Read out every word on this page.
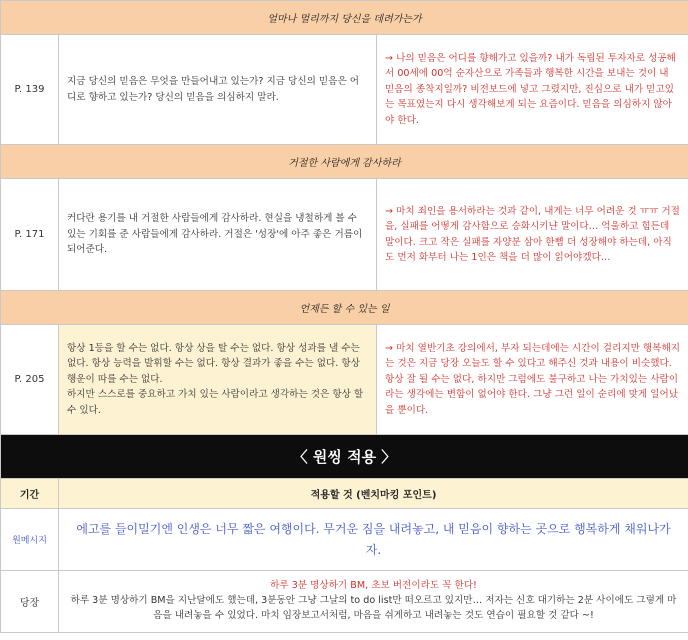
얼마나 멀리까지 당신을 데려가는가		
P. 139	지금 당신의 믿음은 무엇을 만들어내고 있는가? 지금 당신의 믿음은 어디로 향하고 있는가? 당신의 믿음을 의심하지 말라.	→ 나의 믿음은 어디를 향해가고 있을까? 내가 독립된 투자자로 성공해서 00세에 00억 순자산으로 가족들과 행복한 시간을 보내는 것이 내 믿음의 종착지일까? 비전보드에 넣고 그렸지만, 진심으로 내가 믿고있는 목표였는지 다시 생각해보게 되는 요즘이다. 믿음을 의심하지 않아야 한다.
거절한 사람에게 감사하라		
P. 171	커다란 용기를 내 거절한 사람들에게 감사하라. 현실을 냉철하게 볼 수 있는 기회를 준 사람들에게 감사하라. 거절은 '성장'에 아주 좋은 거름이 되어준다.	→ 마치 죄인을 용서하라는 것과 같이, 내게는 너무 어려운 것 ㅠㅠ 거절을, 실패를 어떻게 감사함으로 승화시키냔 말이다… 억울하고 힘든데 말이다. 크고 작은 실패를 자양분 삼아 한뼘 더 성장해야 하는데, 아직도 먼저 화부터 나는 1인은 책을 더 많이 읽어야겠다…
언제든 할 수 있는 일		
P. 205	항상 1등을 할 수는 없다. 항상 상을 탈 수는 없다. 항상 성과를 낼 수는 없다. 항상 능력을 발휘할 수는 없다. 항상 결과가 좋을 수는 없다. 항상 행운이 따를 수는 없다.
하지만 스스로를 중요하고 가치 있는 사람이라고 생각하는 것은 항상 할 수 있다.	→ 마치 열반기초 강의에서, 부자 되는데에는 시간이 걸리지만 행복해지는 것은 지금 당장 오늘도 할 수 있다고 해주신 것과 내용이 비슷했다. 항상 잘 될 수는 없다, 하지만 그럼에도 불구하고 나는 가치있는 사람이라는 생각에는 변함이 없어야 한다. 그냥 그런 일이 순리에 맞게 일어났을 뿐이다.
〈 원씽 적용 〉		
기간	적용할 것 (벤치마킹 포인트)	
원메시지	에고를 들이밀기엔 인생은 너무 짧은 여행이다. 무거운 짐을 내려놓고, 내 믿음이 향하는 곳으로 행복하게 채워나가자.	
당장	하루 3분 명상하기 BM, 초보 버전이라도 꼭 한다!
하루 3분 명상하기 BM을 지난달에도 했는데, 3분동안 그냥 그날의 to do list만 떠오르고 있지만… 저자는 신호 대기하는 2분 사이에도 그렇게 마음을 내려놓을 수 있었다. 마치 임장보고서처럼, 마음을 쉬게하고 내려놓는 것도 연습이 필요할 것 같다 ~!	
